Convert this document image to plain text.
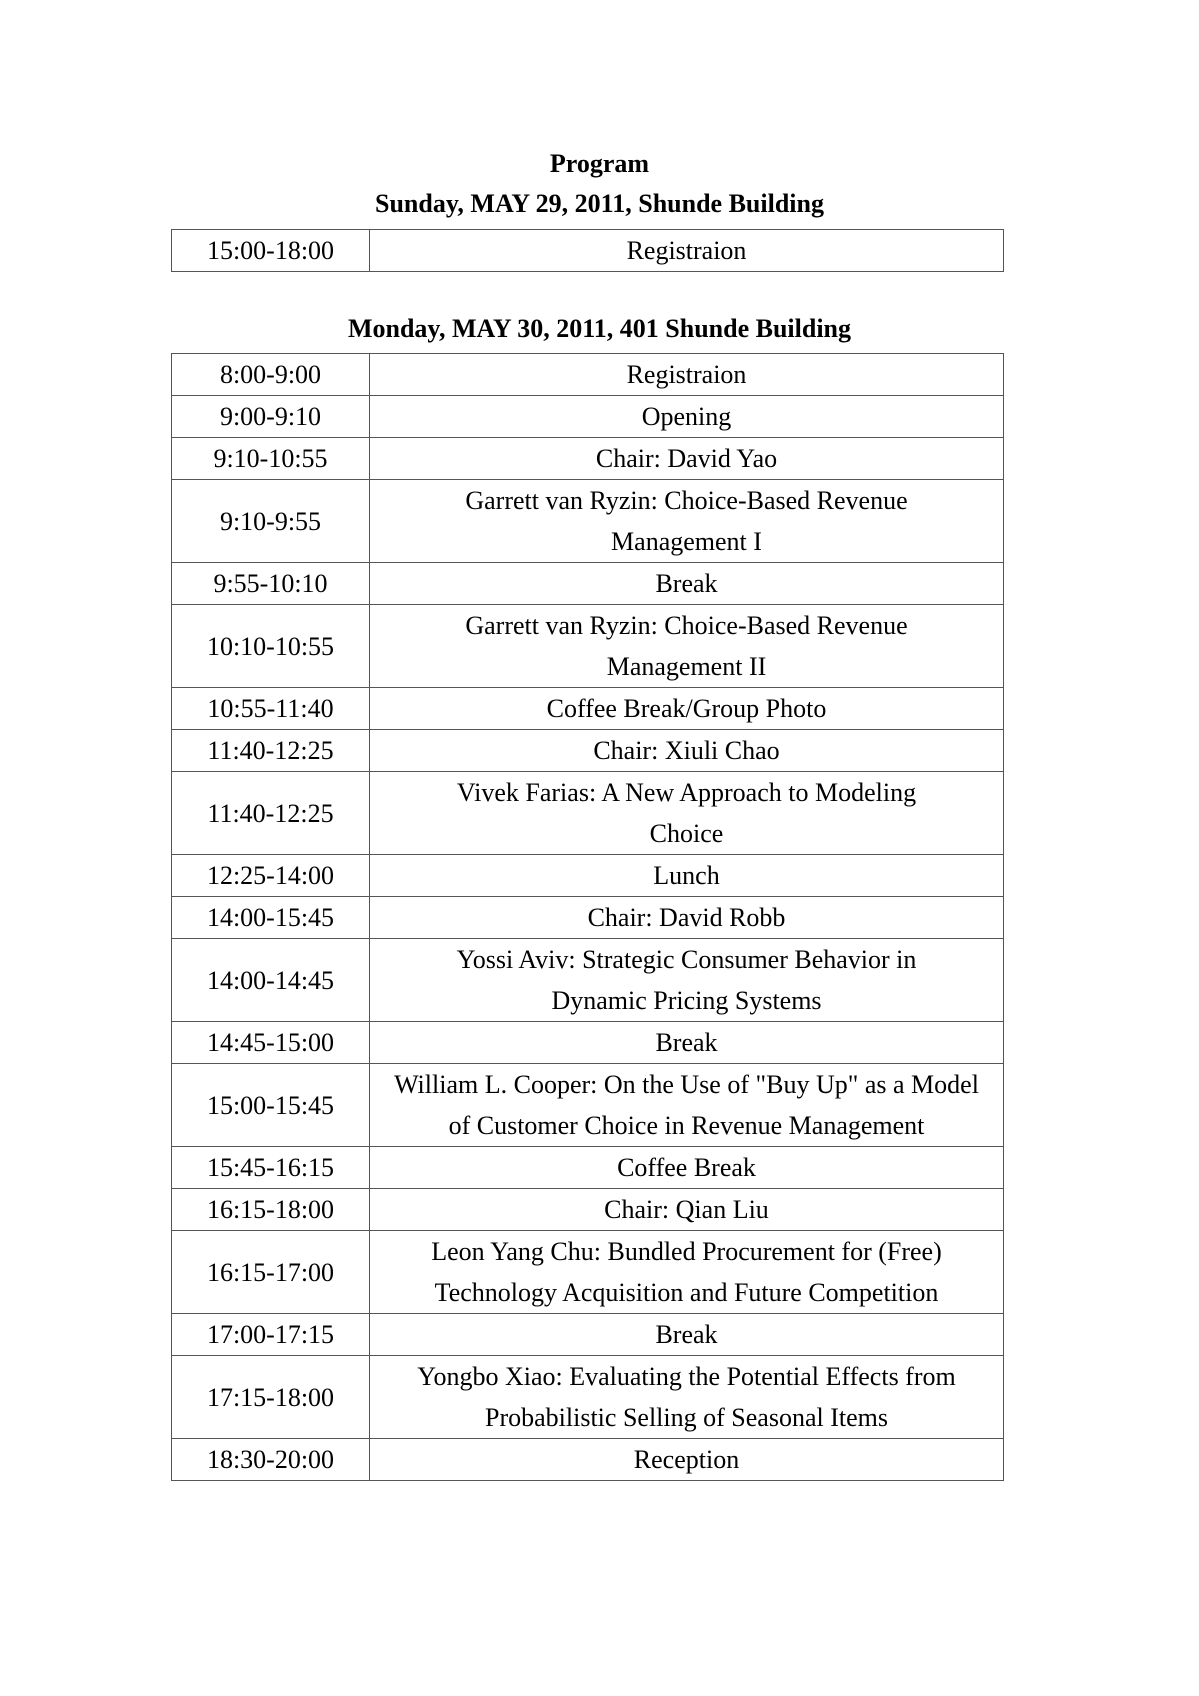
Program
Sunday, MAY 29, 2011, Shunde Building
15:00-18:00	Registraion
Monday, MAY 30, 2011, 401 Shunde Building
8:00-9:00	Registraion
9:00-9:10	Opening
9:10-10:55	Chair: David Yao
9:10-9:55	Garrett van Ryzin: Choice-Based Revenue Management I
9:55-10:10	Break
10:10-10:55	Garrett van Ryzin: Choice-Based Revenue Management II
10:55-11:40	Coffee Break/Group Photo
11:40-12:25	Chair: Xiuli Chao
11:40-12:25	Vivek Farias: A New Approach to Modeling Choice
12:25-14:00	Lunch
14:00-15:45	Chair: David Robb
14:00-14:45	Yossi Aviv: Strategic Consumer Behavior in Dynamic Pricing Systems
14:45-15:00	Break
15:00-15:45	William L. Cooper: On the Use of "Buy Up" as a Model of Customer Choice in Revenue Management
15:45-16:15	Coffee Break
16:15-18:00	Chair: Qian Liu
16:15-17:00	Leon Yang Chu: Bundled Procurement for (Free) Technology Acquisition and Future Competition
17:00-17:15	Break
17:15-18:00	Yongbo Xiao: Evaluating the Potential Effects from Probabilistic Selling of Seasonal Items
18:30-20:00	Reception
